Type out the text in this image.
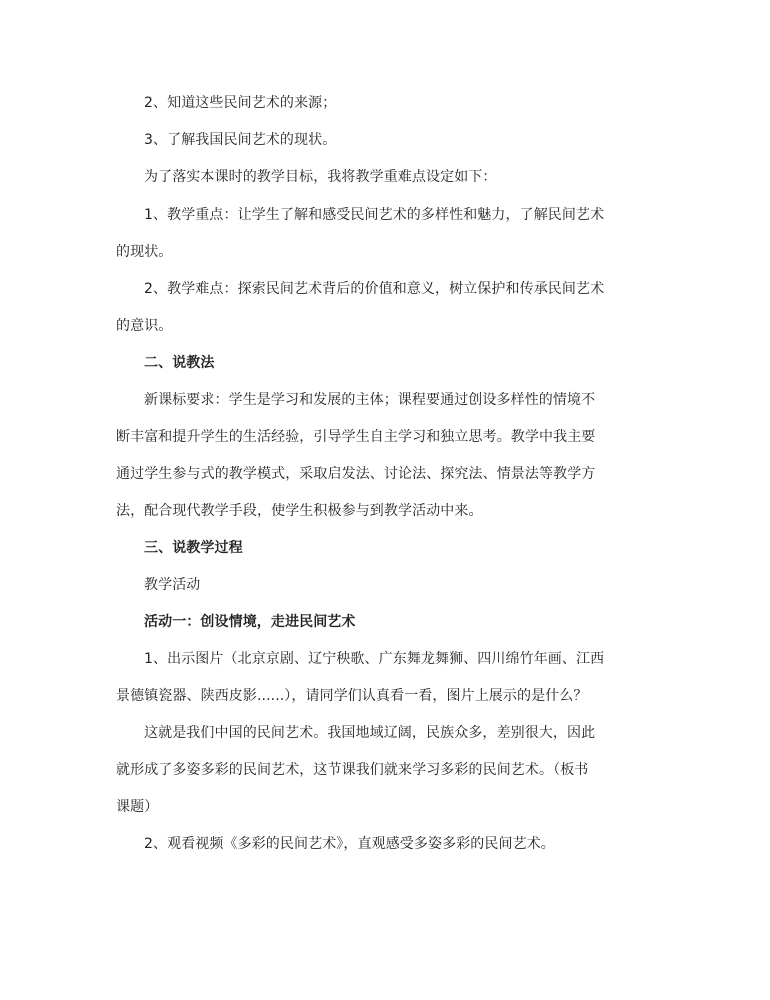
2、知道这些民间艺术的来源；
3、了解我国民间艺术的现状。
为了落实本课时的教学目标，我将教学重难点设定如下：
1、教学重点：让学生了解和感受民间艺术的多样性和魅力，了解民间艺术
的现状。
2、教学难点：探索民间艺术背后的价值和意义，树立保护和传承民间艺术
的意识。
二、说教法
新课标要求：学生是学习和发展的主体；课程要通过创设多样性的情境不
断丰富和提升学生的生活经验，引导学生自主学习和独立思考。教学中我主要
通过学生参与式的教学模式，采取启发法、讨论法、探究法、情景法等教学方
法，配合现代教学手段，使学生积极参与到教学活动中来。
三、说教学过程
教学活动
活动一：创设情境，走进民间艺术
1、出示图片（北京京剧、辽宁秧歌、广东舞龙舞狮、四川绵竹年画、江西
景德镇瓷器、陕西皮影......），请同学们认真看一看，图片上展示的是什么？
这就是我们中国的民间艺术。我国地域辽阔，民族众多，差别很大，因此
就形成了多姿多彩的民间艺术，这节课我们就来学习多彩的民间艺术。（板书
课题）
2、观看视频《多彩的民间艺术》，直观感受多姿多彩的民间艺术。
